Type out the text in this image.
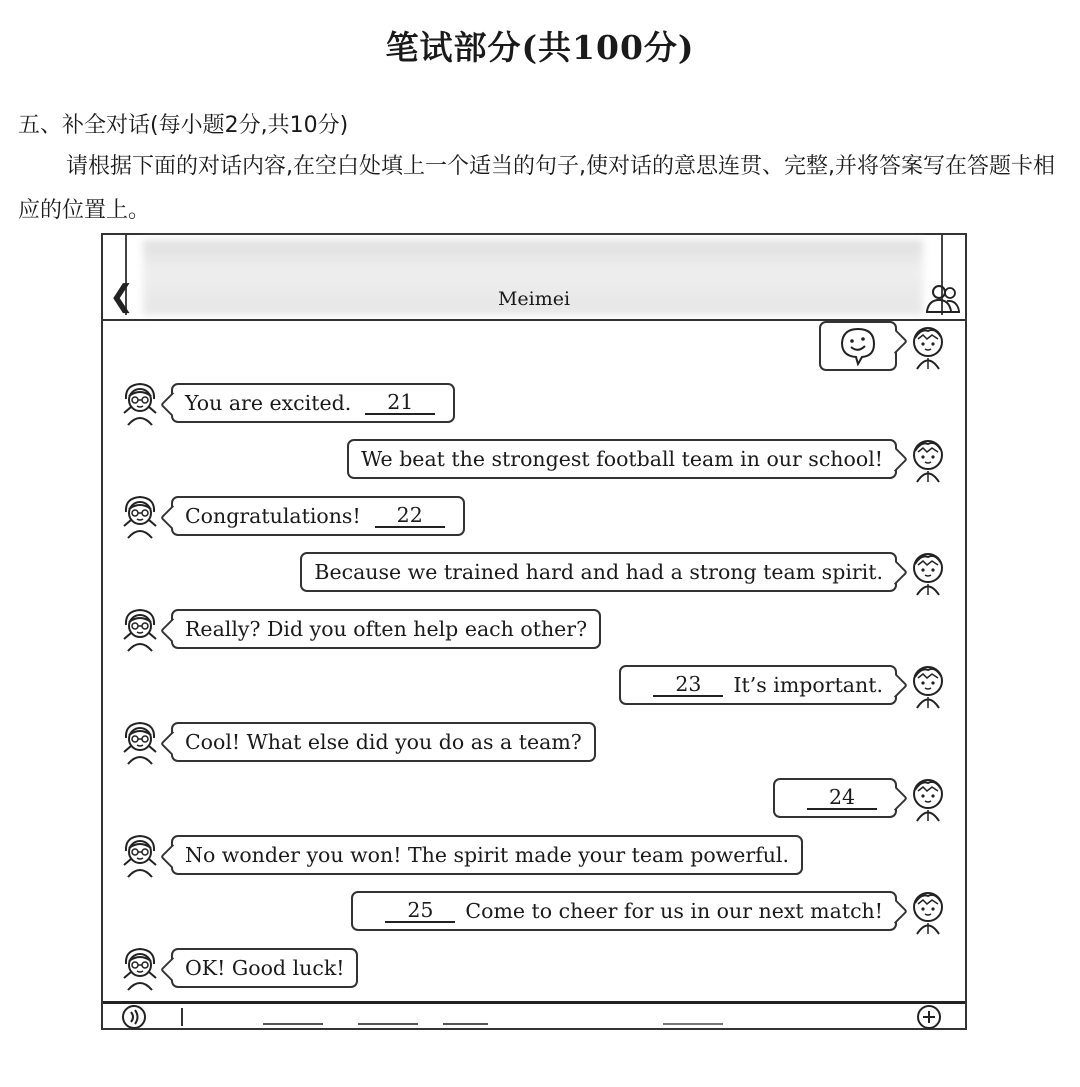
笔试部分(共100分)
五、补全对话(每小题2分,共10分)
请根据下面的对话内容,在空白处填上一个适当的句子,使对话的意思连贯、完整,并将答案写在答题卡相应的位置上。
❮	Meimei
You are excited.	21
We beat the strongest football team in our school!
Congratulations!	22
Because we trained hard and had a strong team spirit.
Really? Did you often help each other?
23	It’s important.
Cool! What else did you do as a team?
24
No wonder you won! The spirit made your team powerful.
25	Come to cheer for us in our next match!
OK! Good luck!
